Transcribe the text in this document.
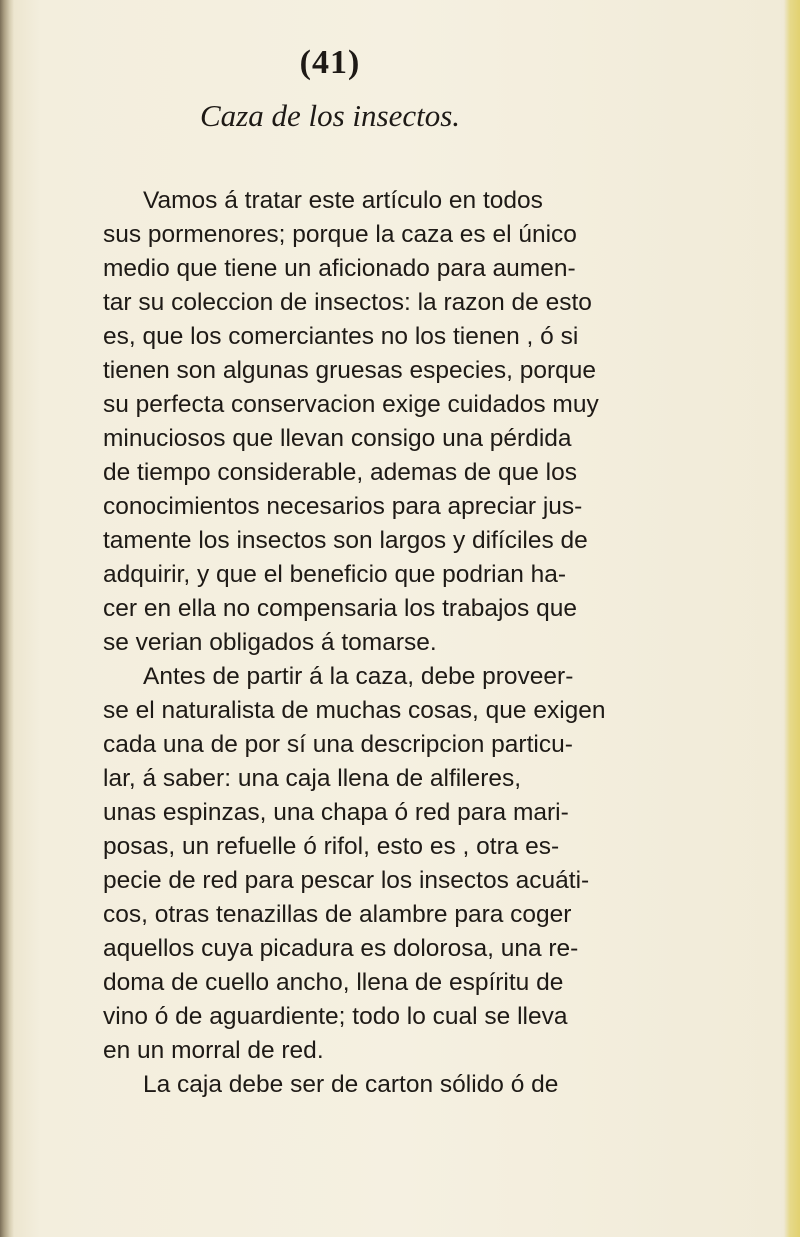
(41)
Caza de los insectos.

Vamos á tratar este artículo en todos

sus pormenores; porque la caza es el único

medio que tiene un aficionado para aumen-

tar su coleccion de insectos: la razon de esto

es, que los comerciantes no los tienen , ó si

tienen son algunas gruesas especies, porque

su perfecta conservacion exige cuidados muy

minuciosos que llevan consigo una pérdida

de tiempo considerable, ademas de que los

conocimientos necesarios para apreciar jus-

tamente los insectos son largos y difíciles de

adquirir, y que el beneficio que podrian ha-

cer en ella no compensaria los trabajos que

se verian obligados á tomarse.

Antes de partir á la caza, debe proveer-

se el naturalista de muchas cosas, que exigen

cada una de por sí una descripcion particu-

lar, á saber: una caja llena de alfileres,

unas espinzas, una chapa ó red para mari-

posas, un refuelle ó rifol, esto es , otra es-

pecie de red para pescar los insectos acuáti-

cos, otras tenazillas de alambre para coger

aquellos cuya picadura es dolorosa, una re-

doma de cuello ancho, llena de espíritu de

vino ó de aguardiente; todo lo cual se lleva

en un morral de red.

La caja debe ser de carton sólido ó de
